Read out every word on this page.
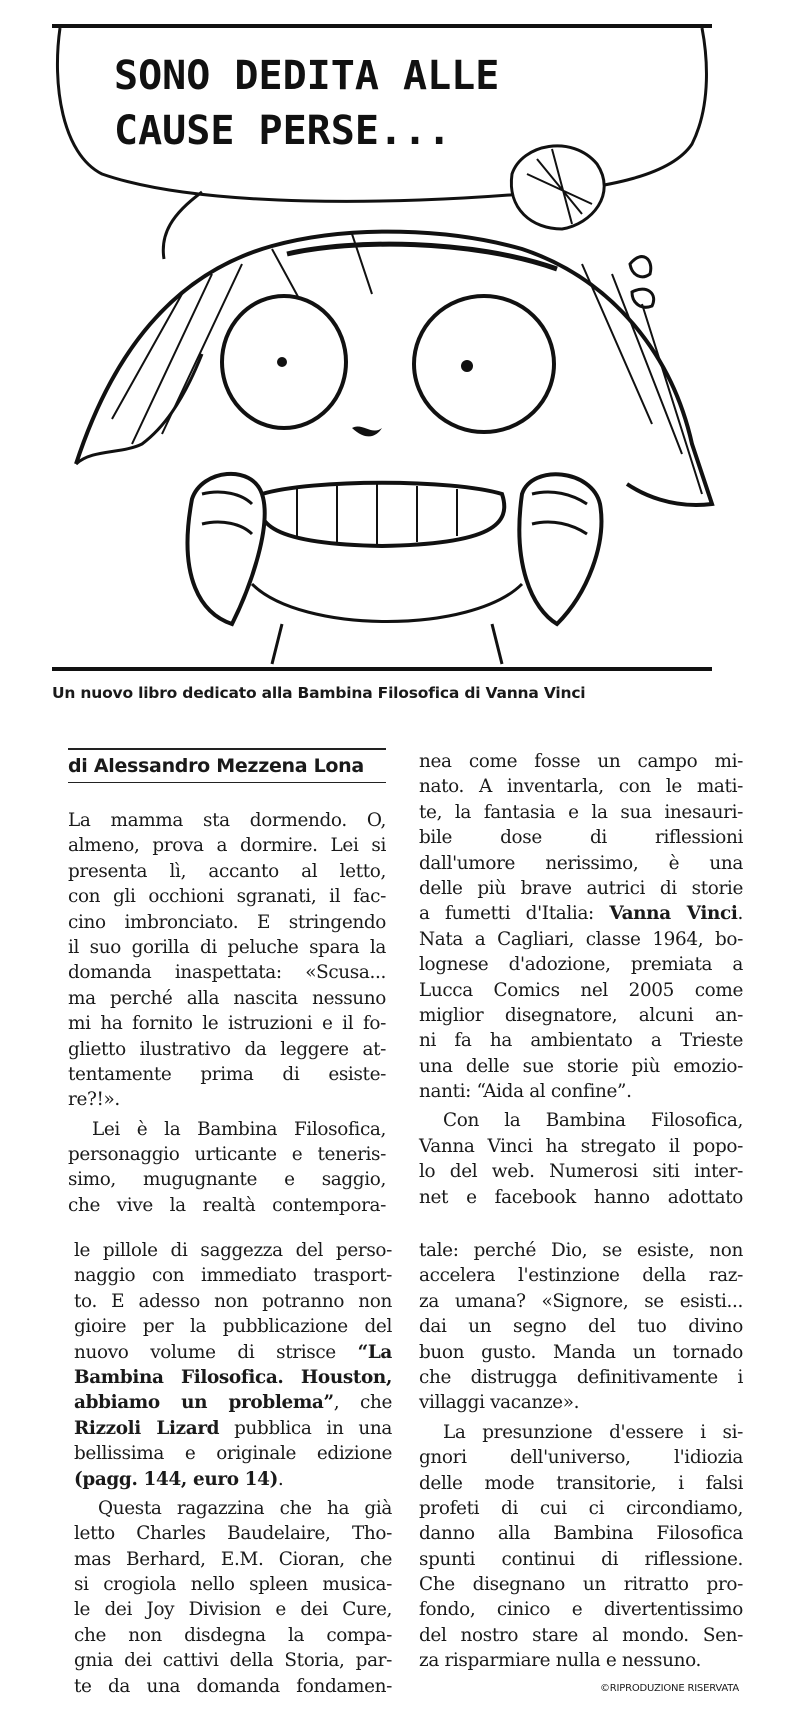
SONO DEDITA ALLE
CAUSE PERSE...
Un nuovo libro dedicato alla Bambina Filosofica di Vanna Vinci
di Alessandro Mezzena Lona
La mamma sta dormendo. O,
almeno, prova a dormire. Lei si
presenta lì, accanto al letto,
con gli occhioni sgranati, il fac-
cino imbronciato. E stringendo
il suo gorilla di peluche spara la
domanda inaspettata: «Scusa...
ma perché alla nascita nessuno
mi ha fornito le istruzioni e il fo-
glietto ilustrativo da leggere at-
tentamente prima di esiste-
re?!».
Lei è la Bambina Filosofica,
personaggio urticante e teneris-
simo, mugugnante e saggio,
che vive la realtà contempora-
nea come fosse un campo mi-
nato. A inventarla, con le mati-
te, la fantasia e la sua inesauri-
bile dose di riflessioni
dall'umore nerissimo, è una
delle più brave autrici di storie
a fumetti d'Italia: Vanna Vinci.
Nata a Cagliari, classe 1964, bo-
lognese d'adozione, premiata a
Lucca Comics nel 2005 come
miglior disegnatore, alcuni an-
ni fa ha ambientato a Trieste
una delle sue storie più emozio-
nanti: “Aida al confine”.
Con la Bambina Filosofica,
Vanna Vinci ha stregato il popo-
lo del web. Numerosi siti inter-
net e facebook hanno adottato
le pillole di saggezza del perso-
naggio con immediato trasport-
to. E adesso non potranno non
gioire per la pubblicazione del
nuovo volume di strisce “La
Bambina Filosofica. Houston,
abbiamo un problema”, che
Rizzoli Lizard pubblica in una
bellissima e originale edizione
(pagg. 144, euro 14).
Questa ragazzina che ha già
letto Charles Baudelaire, Tho-
mas Berhard, E.M. Cioran, che
si crogiola nello spleen musica-
le dei Joy Division e dei Cure,
che non disdegna la compa-
gnia dei cattivi della Storia, par-
te da una domanda fondamen-
tale: perché Dio, se esiste, non
accelera l'estinzione della raz-
za umana? «Signore, se esisti...
dai un segno del tuo divino
buon gusto. Manda un tornado
che distrugga definitivamente i
villaggi vacanze».
La presunzione d'essere i si-
gnori dell'universo, l'idiozia
delle mode transitorie, i falsi
profeti di cui ci circondiamo,
danno alla Bambina Filosofica
spunti continui di riflessione.
Che disegnano un ritratto pro-
fondo, cinico e divertentissimo
del nostro stare al mondo. Sen-
za risparmiare nulla e nessuno.
©RIPRODUZIONE RISERVATA
